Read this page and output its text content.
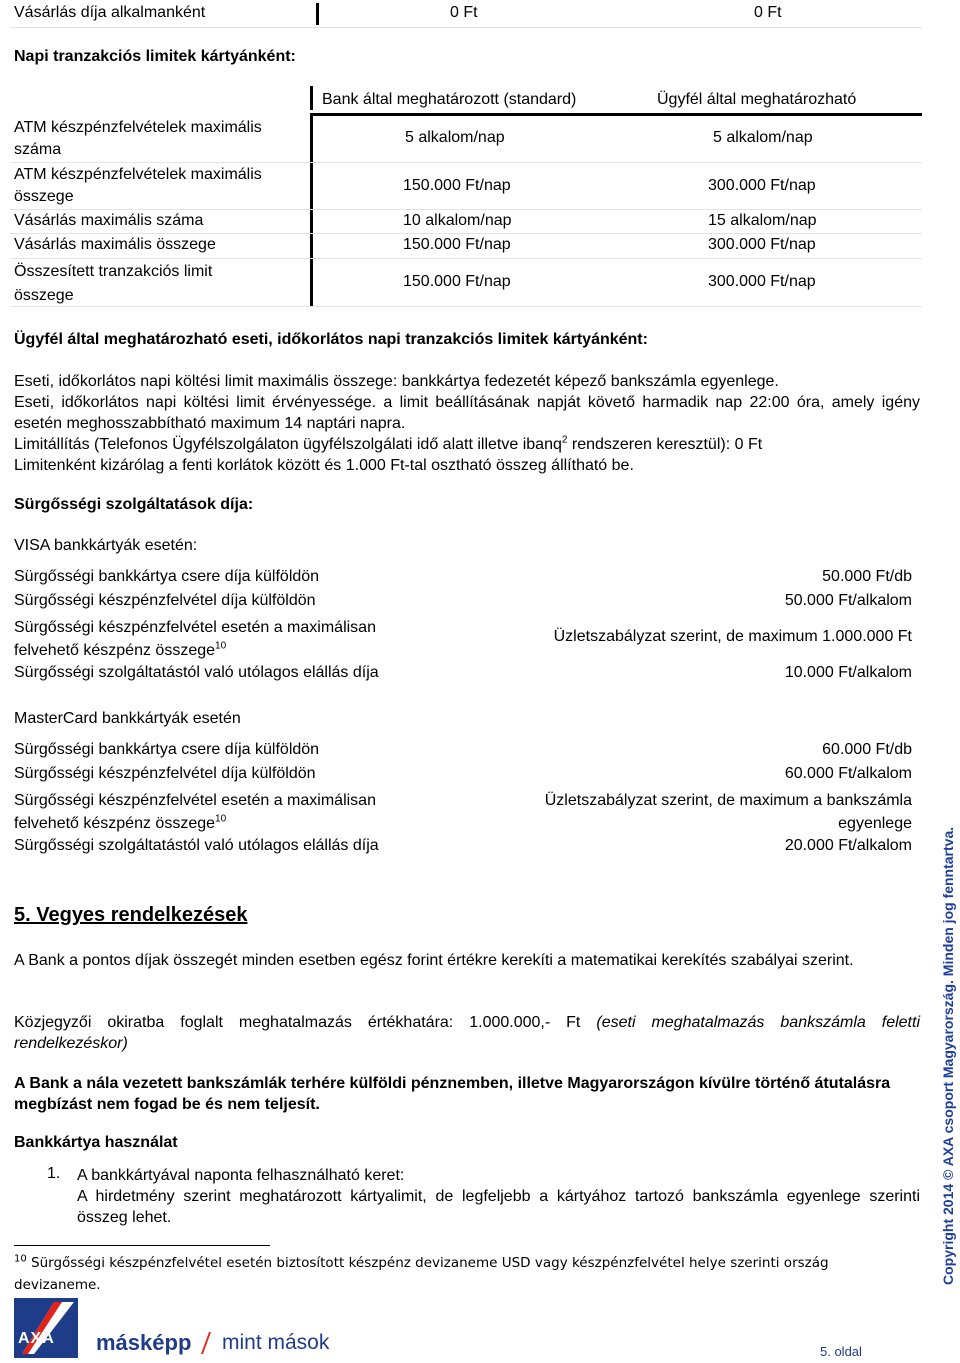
Vásárlás díja alkalmanként	0 Ft	0 Ft
Napi tranzakciós limitek kártyánként:
Bank által meghatározott (standard)	Ügyfél által meghatározható
ATM készpénzfelvételek maximális
száma
5 alkalom/nap	5 alkalom/nap
ATM készpénzfelvételek maximális
összege
150.000 Ft/nap	300.000 Ft/nap
Vásárlás maximális száma	10 alkalom/nap	15 alkalom/nap
Vásárlás maximális összege	150.000 Ft/nap	300.000 Ft/nap
Összesített tranzakciós limit
összege
150.000 Ft/nap	300.000 Ft/nap
Ügyfél által meghatározható eseti, időkorlátos napi tranzakciós limitek kártyánként:
Eseti, időkorlátos napi költési limit maximális összege: bankkártya fedezetét képező bankszámla egyenlege.
Eseti, időkorlátos napi költési limit érvényessége. a limit beállításának napját követő harmadik nap 22:00 óra, amely igény esetén meghosszabbítható maximum 14 naptári napra.
Limitállítás (Telefonos Ügyfélszolgálaton ügyfélszolgálati idő alatt illetve ibanq$^2$ rendszeren keresztül): 0 Ft
Limitenként kizárólag a fenti korlátok között és 1.000 Ft-tal osztható összeg állítható be.
Sürgősségi szolgáltatások díja:
VISA bankkártyák esetén:
Sürgősségi bankkártya csere díja külföldön	50.000 Ft/db
Sürgősségi készpénzfelvétel díja külföldön	50.000 Ft/alkalom
Sürgősségi készpénzfelvétel esetén a maximálisan
felvehető készpénz összege$^{10}$
Üzletszabályzat szerint, de maximum 1.000.000 Ft
Sürgősségi szolgáltatástól való utólagos elállás díja	10.000 Ft/alkalom
MasterCard bankkártyák esetén
Sürgősségi bankkártya csere díja külföldön	60.000 Ft/db
Sürgősségi készpénzfelvétel díja külföldön	60.000 Ft/alkalom
Sürgősségi készpénzfelvétel esetén a maximálisan
felvehető készpénz összege$^{10}$
Üzletszabályzat szerint, de maximum a bankszámla
egyenlege
Sürgősségi szolgáltatástól való utólagos elállás díja	20.000 Ft/alkalom
5. Vegyes rendelkezések
A Bank a pontos díjak összegét minden esetben egész forint értékre kerekíti a matematikai kerekítés szabályai szerint.
Közjegyzői okiratba foglalt meghatalmazás értékhatára: 1.000.000,- Ft (eseti meghatalmazás bankszámla feletti rendelkezéskor)
A Bank a nála vezetett bankszámlák terhére külföldi pénznemben, illetve Magyarországon kívülre történő átutalásra megbízást nem fogad be és nem teljesít.
Bankkártya használat
1. A bankkártyával naponta felhasználható keret:
A hirdetmény szerint meghatározott kártyalimit, de legfeljebb a kártyához tartozó bankszámla egyenlege szerinti összeg lehet.
$^{10}$ Sürgősségi készpénzfelvétel esetén biztosított készpénz devizaneme USD vagy készpénzfelvétel helye szerinti ország devizaneme.
AXA másképp mint mások	5. oldal
Copyright 2014 © AXA csoport Magyarország. Minden jog fenntartva.
